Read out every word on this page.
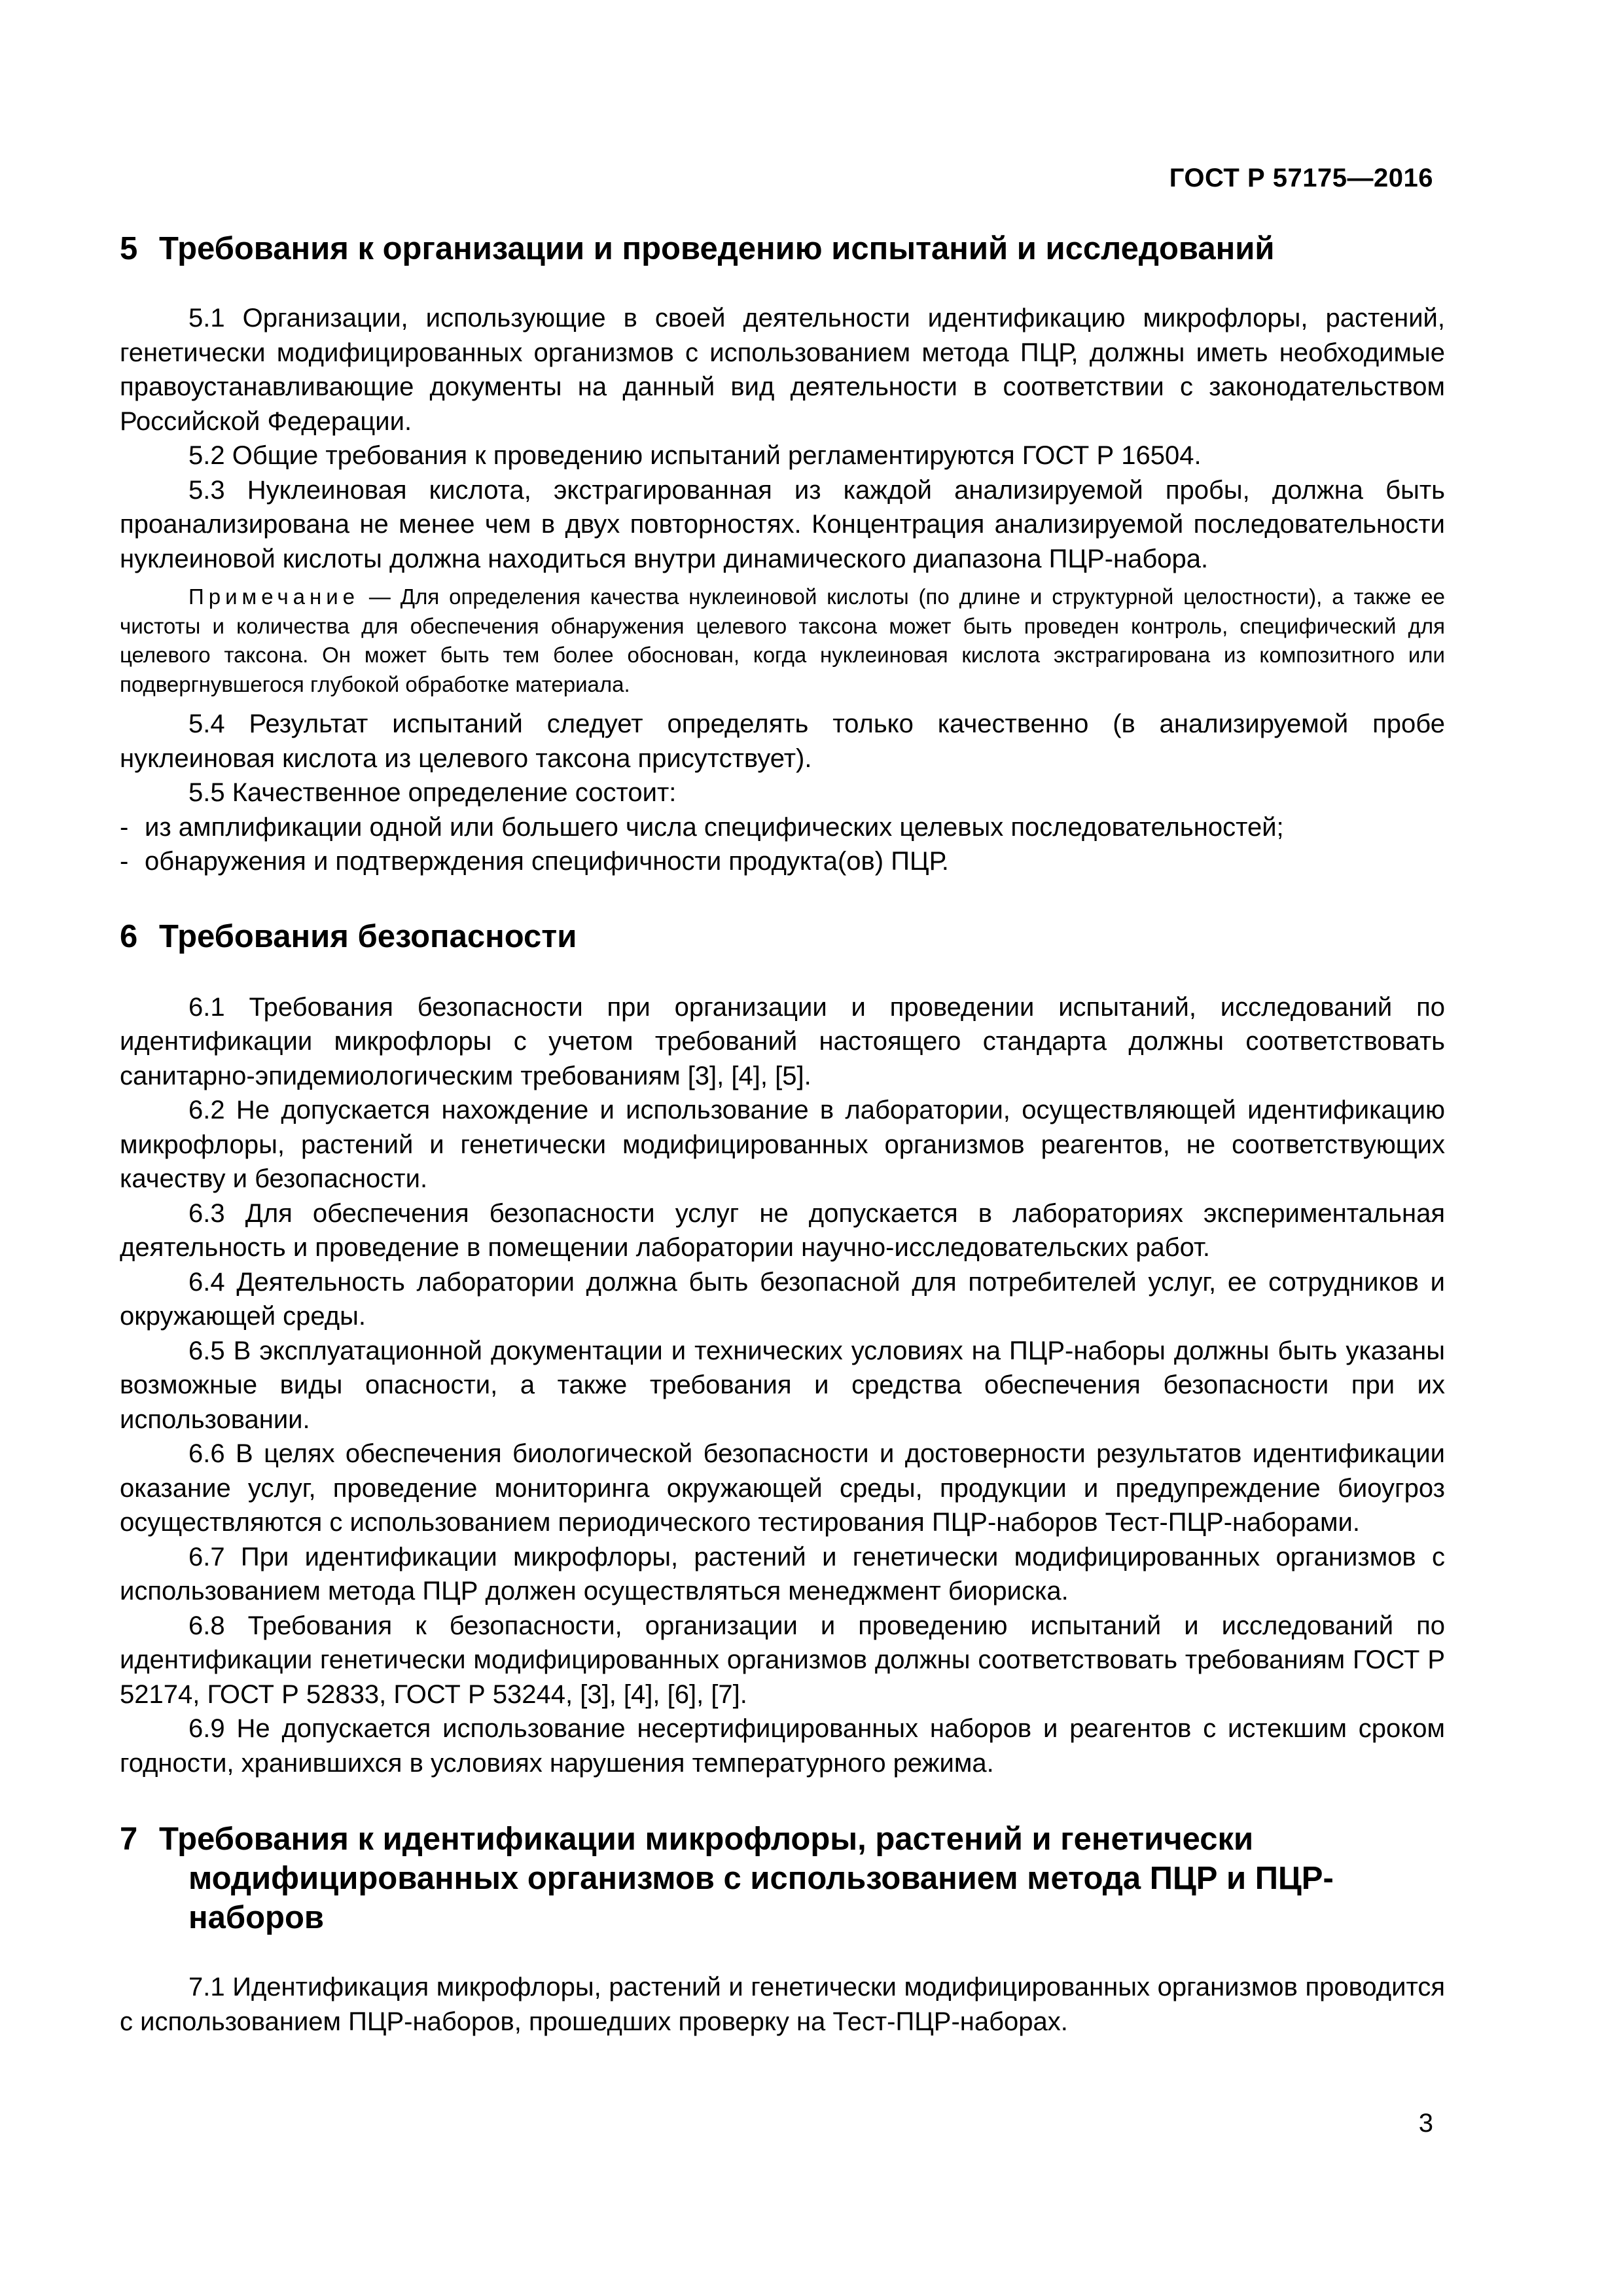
ГОСТ Р 57175—2016
5 Требования к организации и проведению испытаний и исследований

5.1 Организации, использующие в своей деятельности идентификацию микрофлоры, растений, генетически модифицированных организмов с использованием метода ПЦР, должны иметь необходимые правоустанавливающие документы на данный вид деятельности в соответствии с законодательством Российской Федерации.

5.2 Общие требования к проведению испытаний регламентируются ГОСТ Р 16504.

5.3 Нуклеиновая кислота, экстрагированная из каждой анализируемой пробы, должна быть проанализирована не менее чем в двух повторностях. Концентрация анализируемой последовательности нуклеиновой кислоты должна находиться внутри динамического диапазона ПЦР-набора.

Примечание — Для определения качества нуклеиновой кислоты (по длине и структурной целостности), а также ее чистоты и количества для обеспечения обнаружения целевого таксона может быть проведен контроль, специфический для целевого таксона. Он может быть тем более обоснован, когда нуклеиновая кислота экстрагирована из композитного или подвергнувшегося глубокой обработке материала.

5.4 Результат испытаний следует определять только качественно (в анализируемой пробе нуклеиновая кислота из целевого таксона присутствует).

5.5 Качественное определение состоит:

- из амплификации одной или большего числа специфических целевых последовательностей;

- обнаружения и подтверждения специфичности продукта(ов) ПЦР.

6 Требования безопасности

6.1 Требования безопасности при организации и проведении испытаний, исследований по идентификации микрофлоры с учетом требований настоящего стандарта должны соответствовать санитарно-эпидемиологическим требованиям [3], [4], [5].

6.2 Не допускается нахождение и использование в лаборатории, осуществляющей идентификацию микрофлоры, растений и генетически модифицированных организмов реагентов, не соответствующих качеству и безопасности.

6.3 Для обеспечения безопасности услуг не допускается в лабораториях экспериментальная деятельность и проведение в помещении лаборатории научно-исследовательских работ.

6.4 Деятельность лаборатории должна быть безопасной для потребителей услуг, ее сотрудников и окружающей среды.

6.5 В эксплуатационной документации и технических условиях на ПЦР-наборы должны быть указаны возможные виды опасности, а также требования и средства обеспечения безопасности при их использовании.

6.6 В целях обеспечения биологической безопасности и достоверности результатов идентификации оказание услуг, проведение мониторинга окружающей среды, продукции и предупреждение биоугроз осуществляются с использованием периодического тестирования ПЦР-наборов Тест-ПЦР-наборами.

6.7 При идентификации микрофлоры, растений и генетически модифицированных организмов с использованием метода ПЦР должен осуществляться менеджмент биориска.

6.8 Требования к безопасности, организации и проведению испытаний и исследований по идентификации генетически модифицированных организмов должны соответствовать требованиям ГОСТ Р 52174, ГОСТ Р 52833, ГОСТ Р 53244, [3], [4], [6], [7].

6.9 Не допускается использование несертифицированных наборов и реагентов с истекшим сроком годности, хранившихся в условиях нарушения температурного режима.

7 Требования к идентификации микрофлоры, растений и генетически модифицированных организмов с использованием метода ПЦР и ПЦР-наборов

7.1 Идентификация микрофлоры, растений и генетически модифицированных организмов проводится с использованием ПЦР-наборов, прошедших проверку на Тест-ПЦР-наборах.

3
